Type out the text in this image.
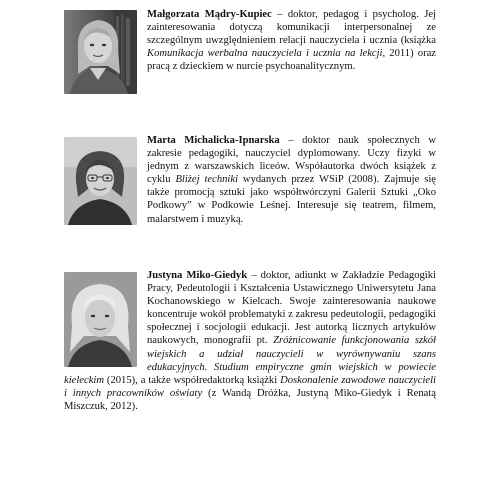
Małgorzata Mądry-Kupiec – doktor, pedagog i psycholog. Jej zainteresowania dotyczą komunikacji interpersonalnej ze szczególnym uwzględnieniem relacji nauczyciela i ucznia (książka Komunikacja werbalna nauczyciela i ucznia na lekcji, 2011) oraz pracą z dzieckiem w nurcie psychoanalitycznym.
Marta Michalicka-Ipnarska – doktor nauk społecznych w zakresie pedagogiki, nauczyciel dyplomowany. Uczy fizyki w jednym z warszawskich liceów. Współautorka dwóch książek z cyklu Bliżej techniki wydanych przez WSiP (2008). Zajmuje się także promocją sztuki jako współtwórczyni Galerii Sztuki „Oko Podkowy” w Podkowie Leśnej. Interesuje się teatrem, filmem, malarstwem i muzyką.
Justyna Miko-Giedyk – doktor, adiunkt w Zakładzie Pedagogiki Pracy, Pedeutologii i Kształcenia Ustawicznego Uniwersytetu Jana Kochanowskiego w Kielcach. Swoje zainteresowania naukowe koncentruje wokół problematyki z zakresu pedeutologii, pedagogiki społecznej i socjologii edukacji. Jest autorką licznych artykułów naukowych, monografii pt. Zróżnicowanie funkcjonowania szkół wiejskich a udział nauczycieli w wyrównywaniu szans edukacyjnych. Studium empiryczne gmin wiejskich w powiecie kieleckim (2015), a także współredaktorką książki Doskonalenie zawodowe nauczycieli i innych pracowników oświaty (z Wandą Dróżka, Justyną Miko-Giedyk i Renatą Miszczuk, 2012).
